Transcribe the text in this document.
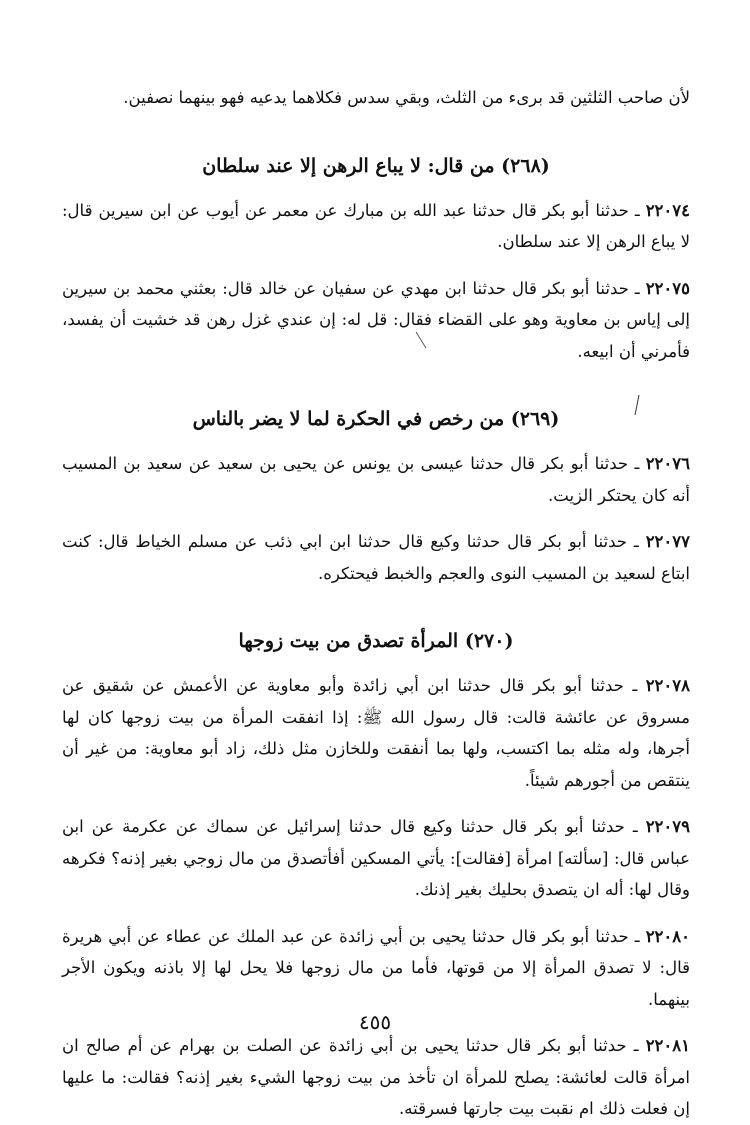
لأن صاحب الثلثين قد برىء من الثلث، وبقي سدس فكلاهما يدعيه فهو بينهما نصفين.

(٢٦٨) من قال: لا يباع الرهن إلا عند سلطان

٢٢٠٧٤ ـ حدثنا أبو بكر قال حدثنا عبد الله بن مبارك عن معمر عن أيوب عن ابن سيرين قال: لا يباع الرهن إلا عند سلطان.

٢٢٠٧٥ ـ حدثنا أبو بكر قال حدثنا ابن مهدي عن سفيان عن خالد قال: بعثني محمد بن سيرين إلى إياس بن معاوية وهو على القضاء فقال: قل له: إن عندي غزل رهن قد خشيت أن يفسد، فأمرني أن ابيعه.

(٢٦٩) من رخص في الحكرة لما لا يضر بالناس

٢٢٠٧٦ ـ حدثنا أبو بكر قال حدثنا عيسى بن يونس عن يحيى بن سعيد عن سعيد بن المسيب أنه كان يحتكر الزيت.

٢٢٠٧٧ ـ حدثنا أبو بكر قال حدثنا وكيع قال حدثنا ابن ابي ذئب عن مسلم الخياط قال: كنت ابتاع لسعيد بن المسيب النوى والعجم والخبط فيحتكره.

(٢٧٠) المرأة تصدق من بيت زوجها

٢٢٠٧٨ ـ حدثنا أبو بكر قال حدثنا ابن أبي زائدة وأبو معاوية عن الأعمش عن شقيق عن مسروق عن عائشة قالت: قال رسول الله ﷺ: إذا انفقت المرأة من بيت زوجها كان لها أجرها، وله مثله بما اكتسب، ولها بما أنفقت وللخازن مثل ذلك، زاد أبو معاوية: من غير أن ينتقص من أجورهم شيئاً.

٢٢٠٧٩ ـ حدثنا أبو بكر قال حدثنا وكيع قال حدثنا إسرائيل عن سماك عن عكرمة عن ابن عباس قال: [سألته] امرأة [فقالت]: يأتي المسكين أفأتصدق من مال زوجي بغير إذنه؟ فكرهه وقال لها: أله ان يتصدق بحليك بغير إذنك.

٢٢٠٨٠ ـ حدثنا أبو بكر قال حدثنا يحيى بن أبي زائدة عن عبد الملك عن عطاء عن أبي هريرة قال: لا تصدق المرأة إلا من قوتها، فأما من مال زوجها فلا يحل لها إلا باذنه ويكون الأجر بينهما.

٢٢٠٨١ ـ حدثنا أبو بكر قال حدثنا يحيى بن أبي زائدة عن الصلت بن بهرام عن أم صالح ان امرأة قالت لعائشة: يصلح للمرأة ان تأخذ من بيت زوجها الشيء بغير إذنه؟ فقالت: ما عليها إن فعلت ذلك ام نقبت بيت جارتها فسرقته.

٤٥٥
